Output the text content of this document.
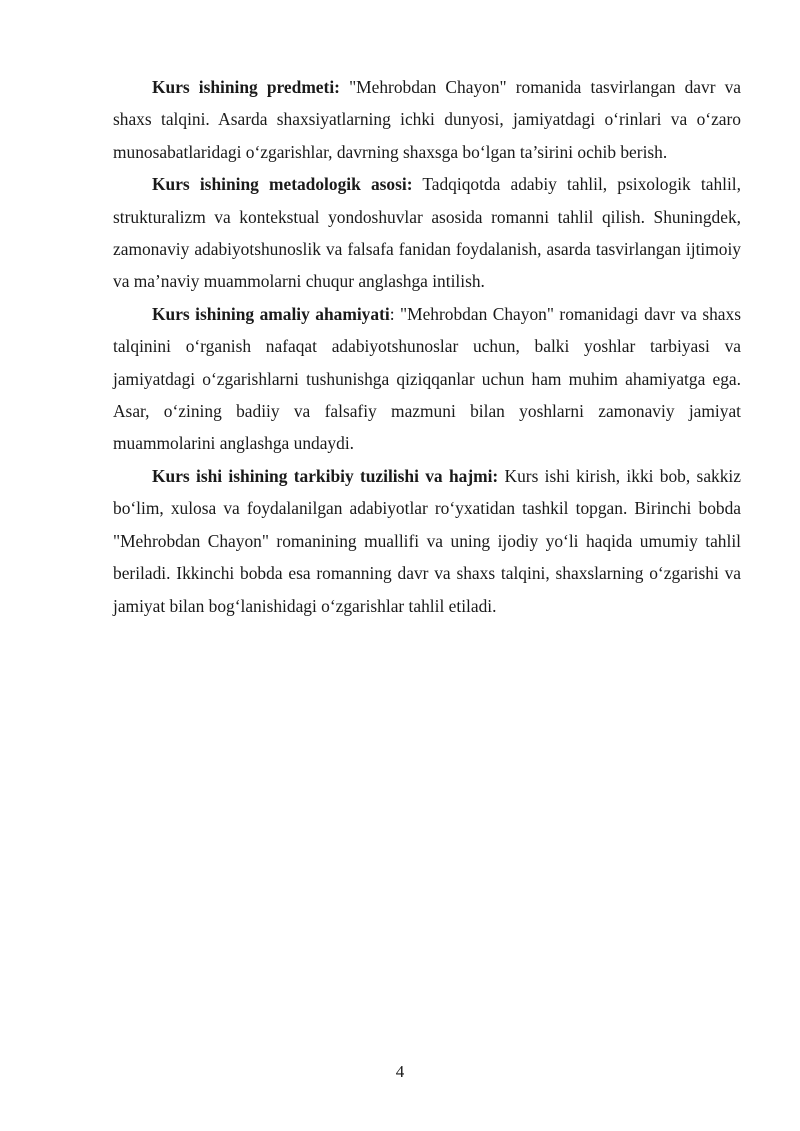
Kurs ishining predmeti: "Mehrobdan Chayon" romanida tasvirlangan davr va shaxs talqini. Asarda shaxsiyatlarning ichki dunyosi, jamiyatdagi o‘rinlari va o‘zaro munosabatlaridagi o‘zgarishlar, davrning shaxsga bo‘lgan ta’sirini ochib berish.

Kurs ishining metadologik asosi: Tadqiqotda adabiy tahlil, psixologik tahlil, strukturalizm va kontekstual yondoshuvlar asosida romanni tahlil qilish. Shuningdek, zamonaviy adabiyotshunoslik va falsafa fanidan foydalanish, asarda tasvirlangan ijtimoiy va ma’naviy muammolarni chuqur anglashga intilish.

Kurs ishining amaliy ahamiyati: "Mehrobdan Chayon" romanidagi davr va shaxs talqinini o‘rganish nafaqat adabiyotshunoslar uchun, balki yoshlar tarbiyasi va jamiyatdagi o‘zgarishlarni tushunishga qiziqqanlar uchun ham muhim ahamiyatga ega. Asar, o‘zining badiiy va falsafiy mazmuni bilan yoshlarni zamonaviy jamiyat muammolarini anglashga undaydi.

Kurs ishi ishining tarkibiy tuzilishi va hajmi: Kurs ishi kirish, ikki bob, sakkiz bo‘lim, xulosa va foydalanilgan adabiyotlar ro‘yxatidan tashkil topgan. Birinchi bobda "Mehrobdan Chayon" romanining muallifi va uning ijodiy yo‘li haqida umumiy tahlil beriladi. Ikkinchi bobda esa romanning davr va shaxs talqini, shaxslarning o‘zgarishi va jamiyat bilan bog‘lanishidagi o‘zgarishlar tahlil etiladi.

4
